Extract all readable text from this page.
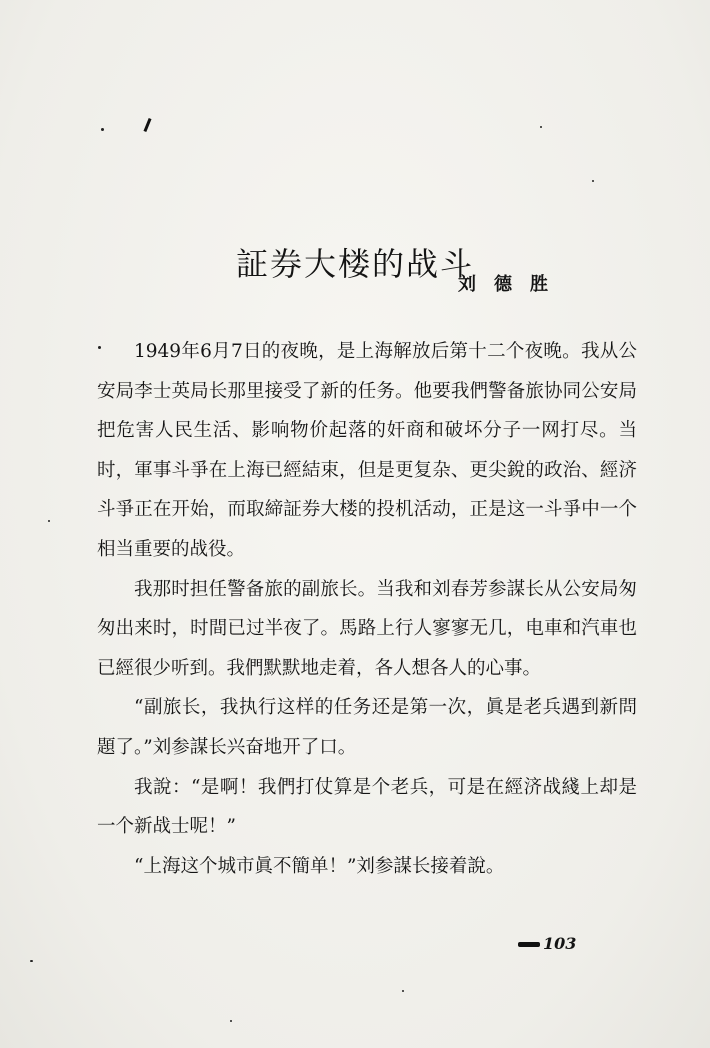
証券大楼的战斗
刘德胜

1949年6月7日的夜晚，是上海解放后第十二个夜晚。我从公安局李士英局长那里接受了新的任务。他要我們警备旅协同公安局把危害人民生活、影响物价起落的奸商和破坏分子一网打尽。当时，軍事斗爭在上海已經結束，但是更复杂、更尖銳的政治、經济斗爭正在开始，而取締証券大楼的投机活动，正是这一斗爭中一个相当重要的战役。

我那时担任警备旅的副旅长。当我和刘春芳参謀长从公安局匆匆出来时，时間已过半夜了。馬路上行人寥寥无几，电車和汽車也已經很少听到。我們默默地走着，各人想各人的心事。

“副旅长，我执行这样的任务还是第一次，眞是老兵遇到新問題了。”刘参謀长兴奋地开了口。

我說：“是啊！我們打仗算是个老兵，可是在經济战綫上却是一个新战士呢！”

“上海这个城市眞不簡单！”刘参謀长接着說。

103
